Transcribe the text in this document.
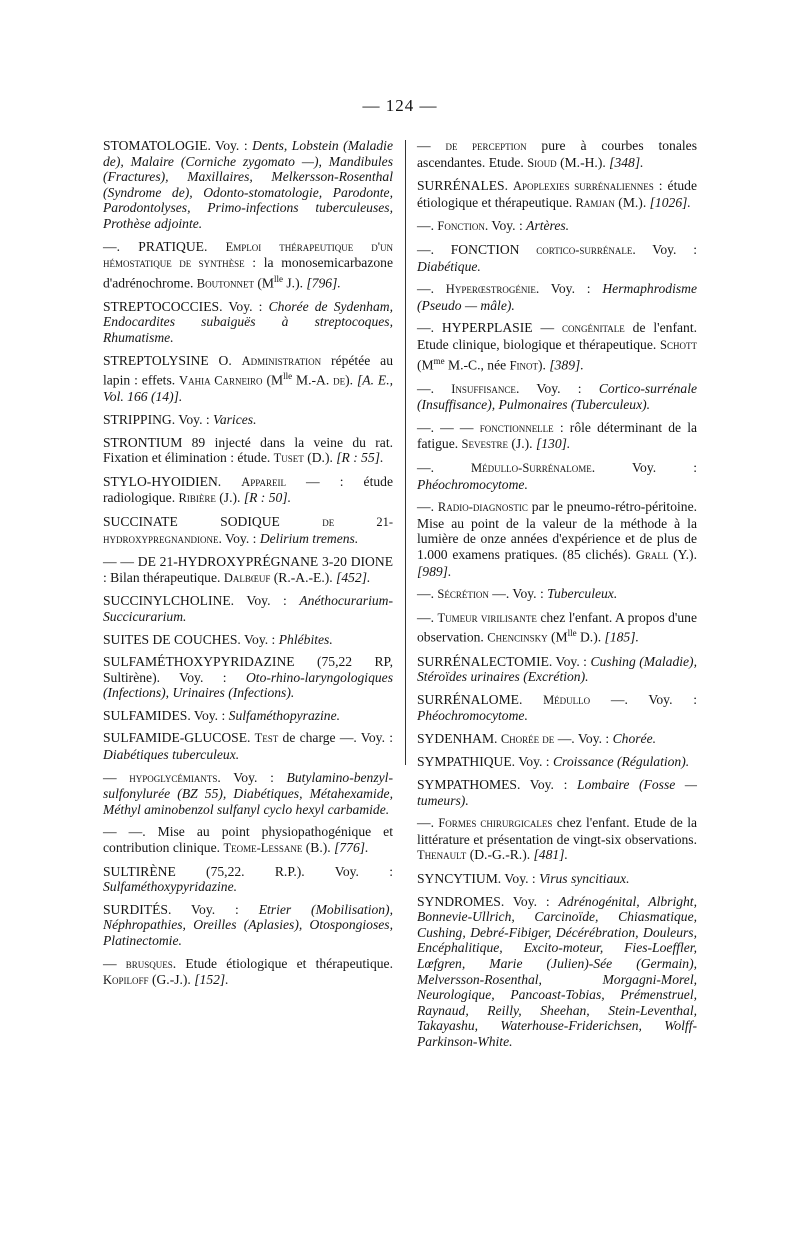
— 124 —
STOMATOLOGIE. Voy. : Dents, Lobstein (Maladie de), Malaire (Corniche zygomato —), Mandibules (Fractures), Maxillaires, Melkersson-Rosenthal (Syndrome de), Odonto-stomatologie, Parodonte, Parodontolyses, Primo-infections tuberculeuses, Prothèse adjointe.
—. PRATIQUE. Emploi thérapeutique d'un hémostatique de synthèse : la monosemicarbazone d'adrénochrome. Boutonnet ($M^{lle}$ J.). [796].
STREPTOCOCCIES. Voy. : Chorée de Sydenham, Endocardites subaiguës à streptocoques, Rhumatisme.
STREPTOLYSINE O. Administration répétée au lapin : effets. Vahia Carneiro ($M^{lle}$ M.-A. de). [A. E., Vol. 166 (14)].
STRIPPING. Voy. : Varices.
STRONTIUM 89 injecté dans la veine du rat. Fixation et élimination : étude. Tuset (D.). [R : 55].
STYLO-HYOIDIEN. Appareil — : étude radiologique. Ribière (J.). [R : 50].
SUCCINATE SODIQUE de 21-hydroxypregnandione. Voy. : Delirium tremens.
— — DE 21-HYDROXYPRÉGNANE 3-20 DIONE : Bilan thérapeutique. Dalbœuf (R.-A.-E.). [452].
SUCCINYLCHOLINE. Voy. : Anéthocurarium-Succicurarium.
SUITES DE COUCHES. Voy. : Phlébites.
SULFAMÉTHOXYPYRIDAZINE (75,22 RP, Sultirène). Voy. : Oto-rhino-laryngologiques (Infections), Urinaires (Infections).
SULFAMIDES. Voy. : Sulfaméthopyrazine.
SULFAMIDE-GLUCOSE. Test de charge —. Voy. : Diabétiques tuberculeux.
— hypoglycémiants. Voy. : Butylamino-benzyl-sulfonylurée (BZ 55), Diabétiques, Métahexamide, Méthyl aminobenzol sulfanyl cyclo hexyl carbamide.
— —. Mise au point physiopathogénique et contribution clinique. Teome-Lessane (B.). [776].
SULTIRÈNE (75,22. R.P.). Voy. : Sulfaméthoxypyridazine.
SURDITÉS. Voy. : Etrier (Mobilisation), Néphropathies, Oreilles (Aplasies), Otospongioses, Platinectomie.
— brusques. Etude étiologique et thérapeutique. Kopiloff (G.-J.). [152].
— de perception pure à courbes tonales ascendantes. Etude. Sioud (M.-H.). [348].
SURRÉNALES. Apoplexies surrénaliennes : étude étiologique et thérapeutique. Ramjan (M.). [1026].
—. Fonction. Voy. : Artères.
—. FONCTION cortico-surrénale. Voy. : Diabétique.
—. Hyperœstrogénie. Voy. : Hermaphrodisme (Pseudo — mâle).
—. HYPERPLASIE — congénitale de l'enfant. Etude clinique, biologique et thérapeutique. Schott ($M^{me}$ M.-C., née Finot). [389].
—. Insuffisance. Voy. : Cortico-surrénale (Insuffisance), Pulmonaires (Tuberculeux).
—. — — fonctionnelle : rôle déterminant de la fatigue. Sevestre (J.). [130].
—. Médullo-Surrénalome. Voy. : Phéochromocytome.
—. Radio-diagnostic par le pneumo-rétro-péritoine. Mise au point de la valeur de la méthode à la lumière de onze années d'expérience et de plus de 1.000 examens pratiques. (85 clichés). Grall (Y.). [989].
—. Sécrétion —. Voy. : Tuberculeux.
—. Tumeur virilisante chez l'enfant. A propos d'une observation. Chencinsky ($M^{lle}$ D.). [185].
SURRÉNALECTOMIE. Voy. : Cushing (Maladie), Stéroïdes urinaires (Excrétion).
SURRÉNALOME. Médullo —. Voy. : Phéochromocytome.
SYDENHAM. Chorée de —. Voy. : Chorée.
SYMPATHIQUE. Voy. : Croissance (Régulation).
SYMPATHOMES. Voy. : Lombaire (Fosse — tumeurs).
—. Formes chirurgicales chez l'enfant. Etude de la littérature et présentation de vingt-six observations. Thenault (D.-G.-R.). [481].
SYNCYTIUM. Voy. : Virus syncitiaux.
SYNDROMES. Voy. : Adrénogénital, Albright, Bonnevie-Ullrich, Carcinoïde, Chiasmatique, Cushing, Debré-Fibiger, Décérébration, Douleurs, Encéphalitique, Excito-moteur, Fies-Loeffler, Lœfgren, Marie (Julien)-Sée (Germain), Melversson-Rosenthal, Morgagni-Morel, Neurologique, Pancoast-Tobias, Prémenstruel, Raynaud, Reilly, Sheehan, Stein-Leventhal, Takayashu, Waterhouse-Friderichsen, Wolff-Parkinson-White.
